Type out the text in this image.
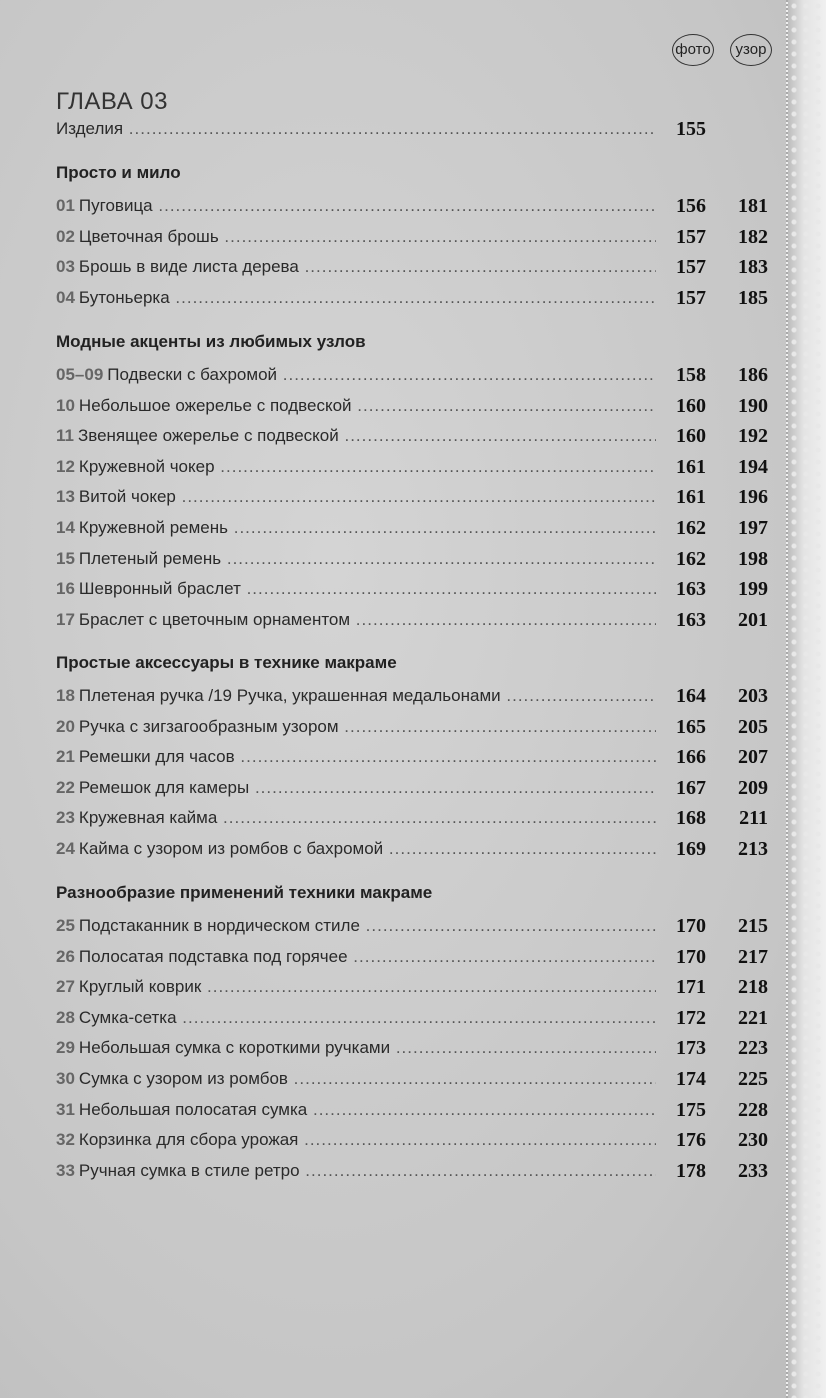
фото	узор
ГЛАВА 03
Изделия .....	155
Просто и мило
01 Пуговица .....	156	181
02 Цветочная брошь .....	157	182
03 Брошь в виде листа дерева .....	157	183
04 Бутоньерка .....	157	185
Модные акценты из любимых узлов
05–09 Подвески с бахромой .....	158	186
10 Небольшое ожерелье с подвеской .....	160	190
11 Звенящее ожерелье с подвеской .....	160	192
12 Кружевной чокер .....	161	194
13 Витой чокер .....	161	196
14 Кружевной ремень .....	162	197
15 Плетеный ремень .....	162	198
16 Шевронный браслет .....	163	199
17 Браслет с цветочным орнаментом .....	163	201
Простые аксессуары в технике макраме
18 Плетеная ручка /19 Ручка, украшенная медальонами .....	164	203
20 Ручка с зигзагообразным узором .....	165	205
21 Ремешки для часов .....	166	207
22 Ремешок для камеры .....	167	209
23 Кружевная кайма .....	168	211
24 Кайма с узором из ромбов с бахромой .....	169	213
Разнообразие применений техники макраме
25 Подстаканник в нордическом стиле .....	170	215
26 Полосатая подставка под горячее .....	170	217
27 Круглый коврик .....	171	218
28 Сумка-сетка .....	172	221
29 Небольшая сумка с короткими ручками .....	173	223
30 Сумка с узором из ромбов .....	174	225
31 Небольшая полосатая сумка .....	175	228
32 Корзинка для сбора урожая .....	176	230
33 Ручная сумка в стиле ретро .....	178	233
